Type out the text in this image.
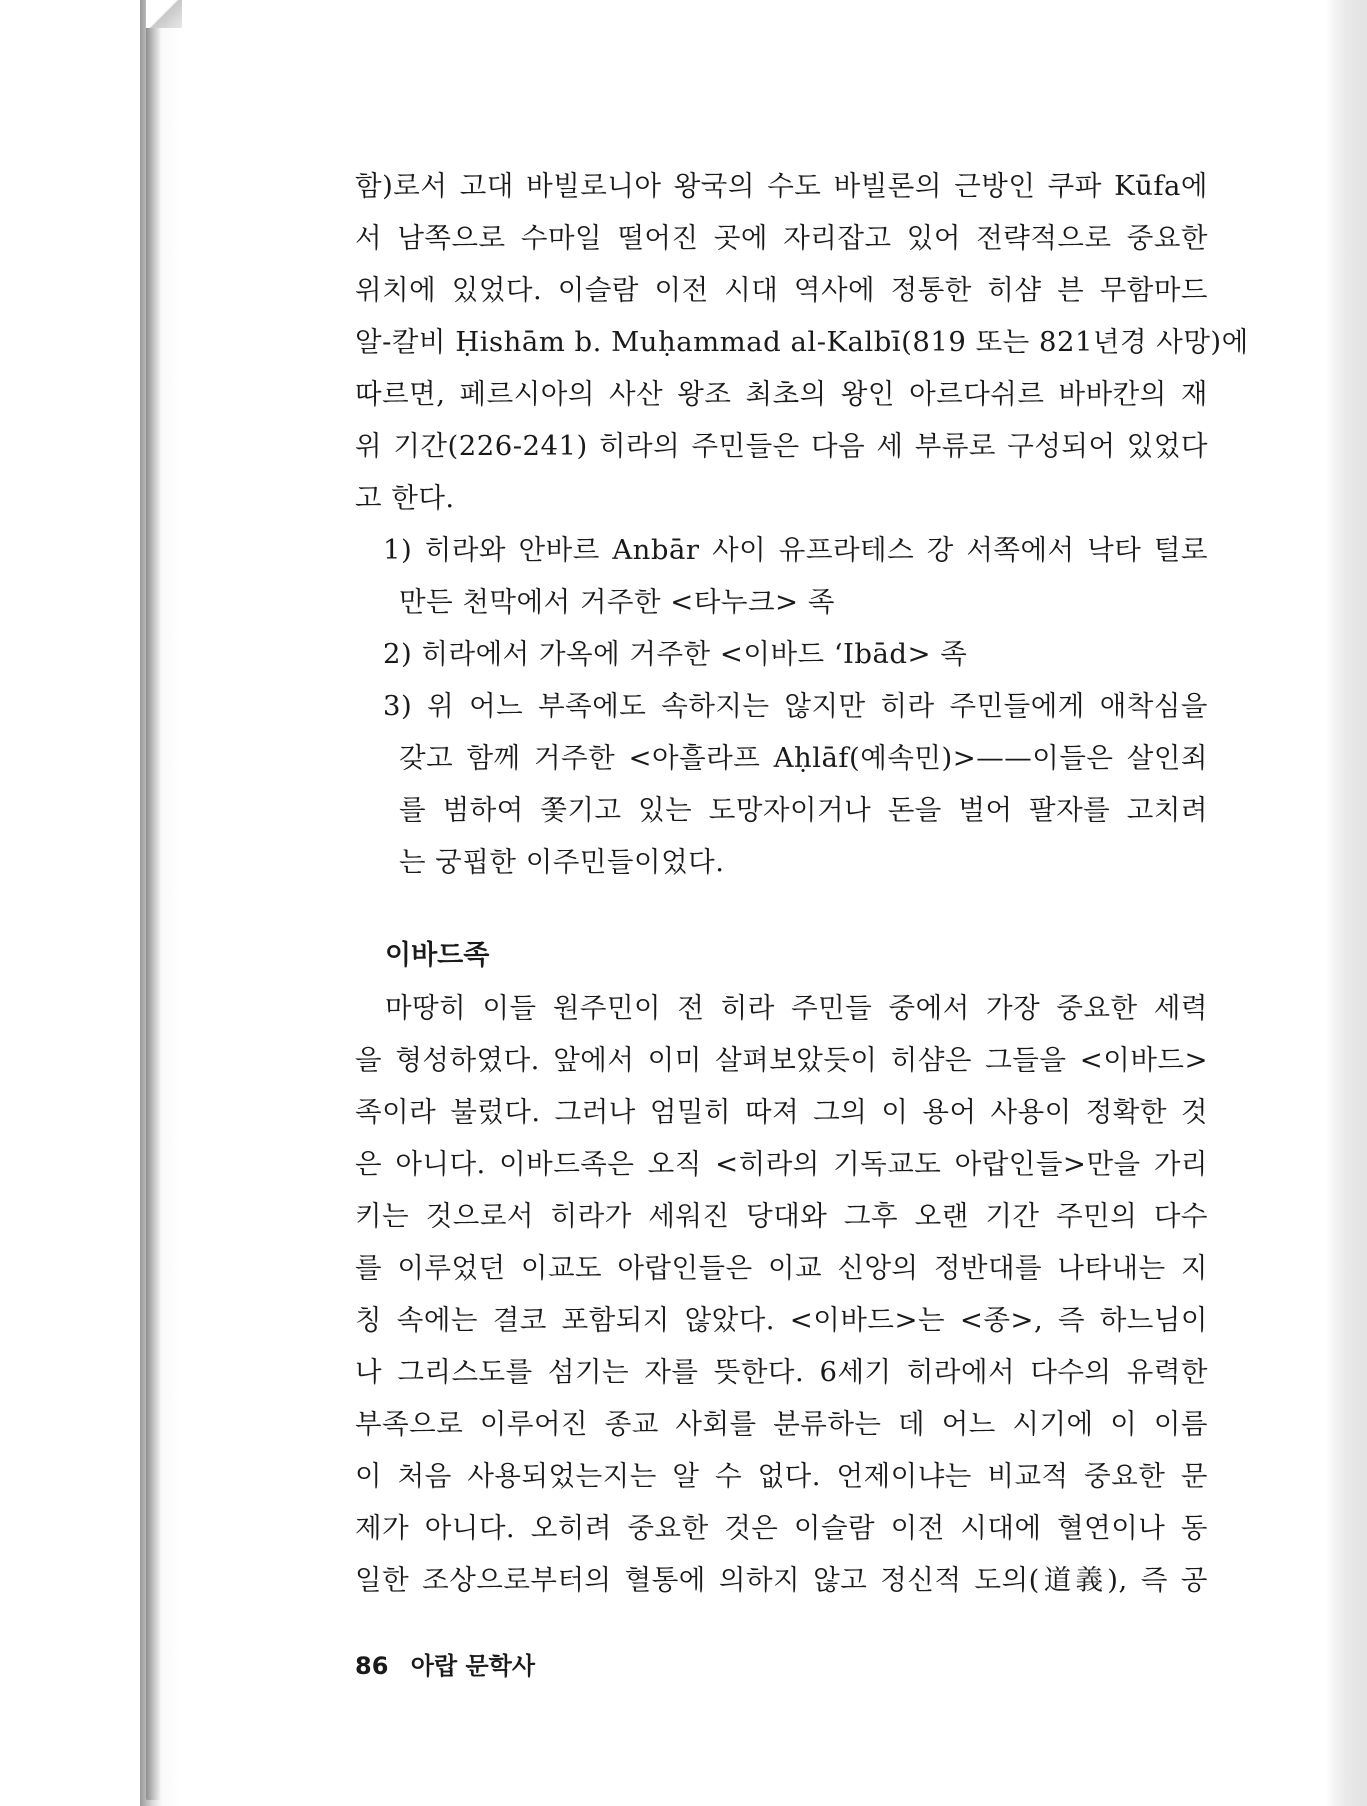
함)로서 고대 바빌로니아 왕국의 수도 바빌론의 근방인 쿠파 Kūfa에
서 남쪽으로 수마일 떨어진 곳에 자리잡고 있어 전략적으로 중요한
위치에 있었다. 이슬람 이전 시대 역사에 정통한 히샴 븐 무함마드
알-칼비 Ḥishām b. Muḥammad al-Kalbī(819 또는 821년경 사망)에
따르면, 페르시아의 사산 왕조 최초의 왕인 아르다쉬르 바바칸의 재
위 기간(226-241) 히라의 주민들은 다음 세 부류로 구성되어 있었다
고 한다.
1) 히라와 안바르 Anbār 사이 유프라테스 강 서쪽에서 낙타 털로
만든 천막에서 거주한 <타누크> 족
2) 히라에서 가옥에 거주한 <이바드 ‘Ibād> 족
3) 위 어느 부족에도 속하지는 않지만 히라 주민들에게 애착심을
갖고 함께 거주한 <아흘라프 Aḥlāf(예속민)>——이들은 살인죄
를 범하여 쫓기고 있는 도망자이거나 돈을 벌어 팔자를 고치려
는 궁핍한 이주민들이었다.
이바드족
마땅히 이들 원주민이 전 히라 주민들 중에서 가장 중요한 세력
을 형성하였다. 앞에서 이미 살펴보았듯이 히샴은 그들을 <이바드>
족이라 불렀다. 그러나 엄밀히 따져 그의 이 용어 사용이 정확한 것
은 아니다. 이바드족은 오직 <히라의 기독교도 아랍인들>만을 가리
키는 것으로서 히라가 세워진 당대와 그후 오랜 기간 주민의 다수
를 이루었던 이교도 아랍인들은 이교 신앙의 정반대를 나타내는 지
칭 속에는 결코 포함되지 않았다. <이바드>는 <종>, 즉 하느님이
나 그리스도를 섬기는 자를 뜻한다. 6세기 히라에서 다수의 유력한
부족으로 이루어진 종교 사회를 분류하는 데 어느 시기에 이 이름
이 처음 사용되었는지는 알 수 없다. 언제이냐는 비교적 중요한 문
제가 아니다. 오히려 중요한 것은 이슬람 이전 시대에 혈연이나 동
일한 조상으로부터의 혈통에 의하지 않고 정신적 도의(道義), 즉 공
86 아랍 문학사
